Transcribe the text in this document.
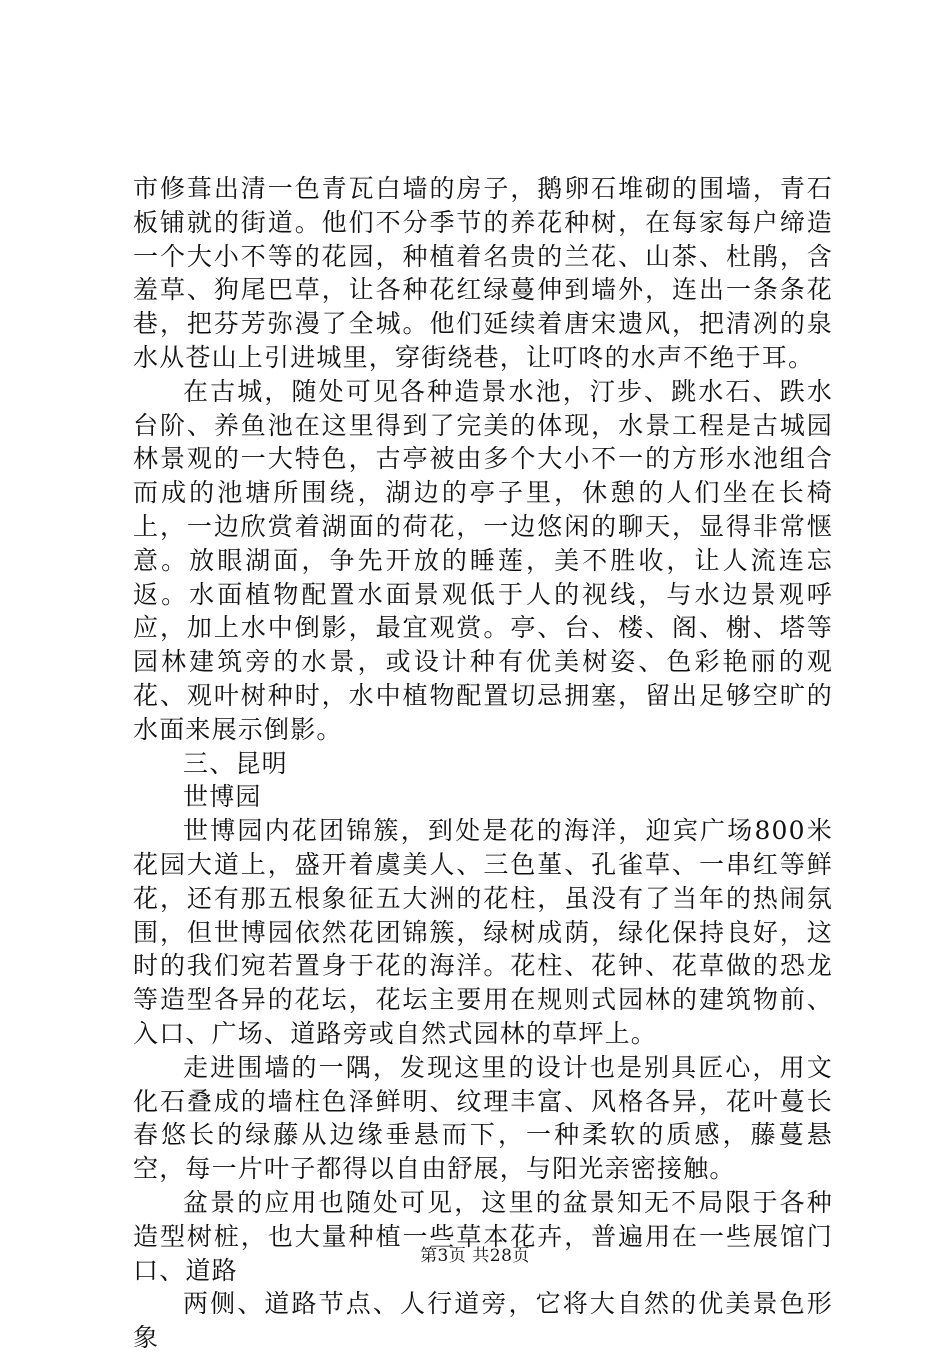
市修葺出清一色青瓦白墙的房子，鹅卵石堆砌的围墙，青石板铺就的街道。他们不分季节的养花种树，在每家每户缔造一个大小不等的花园，种植着名贵的兰花、山茶、杜鹃，含羞草、狗尾巴草，让各种花红绿蔓伸到墙外，连出一条条花巷，把芬芳弥漫了全城。他们延续着唐宋遗风，把清冽的泉水从苍山上引进城里，穿街绕巷，让叮咚的水声不绝于耳。

在古城，随处可见各种造景水池，汀步、跳水石、跌水台阶、养鱼池在这里得到了完美的体现，水景工程是古城园林景观的一大特色，古亭被由多个大小不一的方形水池组合而成的池塘所围绕，湖边的亭子里，休憩的人们坐在长椅上，一边欣赏着湖面的荷花，一边悠闲的聊天，显得非常惬意。放眼湖面，争先开放的睡莲，美不胜收，让人流连忘返。水面植物配置水面景观低于人的视线，与水边景观呼应，加上水中倒影，最宜观赏。亭、台、楼、阁、榭、塔等园林建筑旁的水景，或设计种有优美树姿、色彩艳丽的观花、观叶树种时，水中植物配置切忌拥塞，留出足够空旷的水面来展示倒影。

三、昆明

世博园

世博园内花团锦簇，到处是花的海洋，迎宾广场800米花园大道上，盛开着虞美人、三色堇、孔雀草、一串红等鲜花，还有那五根象征五大洲的花柱，虽没有了当年的热闹氛围，但世博园依然花团锦簇，绿树成荫，绿化保持良好，这时的我们宛若置身于花的海洋。花柱、花钟、花草做的恐龙等造型各异的花坛，花坛主要用在规则式园林的建筑物前、入口、广场、道路旁或自然式园林的草坪上。

走进围墙的一隅，发现这里的设计也是别具匠心，用文化石叠成的墙柱色泽鲜明、纹理丰富、风格各异，花叶蔓长春悠长的绿藤从边缘垂悬而下，一种柔软的质感，藤蔓悬空，每一片叶子都得以自由舒展，与阳光亲密接触。

盆景的应用也随处可见，这里的盆景知无不局限于各种造型树桩，也大量种植一些草本花卉，普遍用在一些展馆门口、道路

两侧、道路节点、人行道旁，它将大自然的优美景色形象

第3页 共28页
